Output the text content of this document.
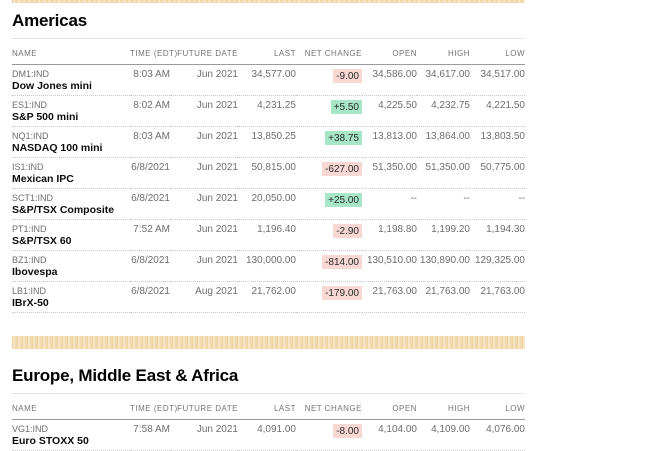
Americas
NAME	TIME (EDT)	FUTURE DATE	LAST	NET CHANGE	OPEN	HIGH	LOW

DM1:IND
Dow Jones mini	8:03 AM	Jun 2021	34,577.00	-9.00	34,586.00	34,617.00	34,517.00

ES1:IND
S&P 500 mini	8:02 AM	Jun 2021	4,231.25	+5.50	4,225.50	4,232.75	4,221.50

NQ1:IND
NASDAQ 100 mini	8:03 AM	Jun 2021	13,850.25	+38.75	13,813.00	13,864.00	13,803.50

IS1:IND
Mexican IPC	6/8/2021	Jun 2021	50,815.00	-627.00	51,350.00	51,350.00	50,775.00

SCT1:IND
S&P/TSX Composite	6/8/2021	Jun 2021	20,050.00	+25.00	--	--	--

PT1:IND
S&P/TSX 60	7:52 AM	Jun 2021	1,196.40	-2.90	1,198.80	1,199.20	1,194.30

BZ1:IND
Ibovespa	6/8/2021	Jun 2021	130,000.00	-814.00	130,510.00	130,890.00	129,325.00

LB1:IND
IBrX-50	6/8/2021	Aug 2021	21,762.00	-179.00	21,763.00	21,763.00	21,763.00
Europe, Middle East & Africa
NAME	TIME (EDT)	FUTURE DATE	LAST	NET CHANGE	OPEN	HIGH	LOW

VG1:IND
Euro STOXX 50	7:58 AM	Jun 2021	4,091.00	-8.00	4,104.00	4,109.00	4,076.00
